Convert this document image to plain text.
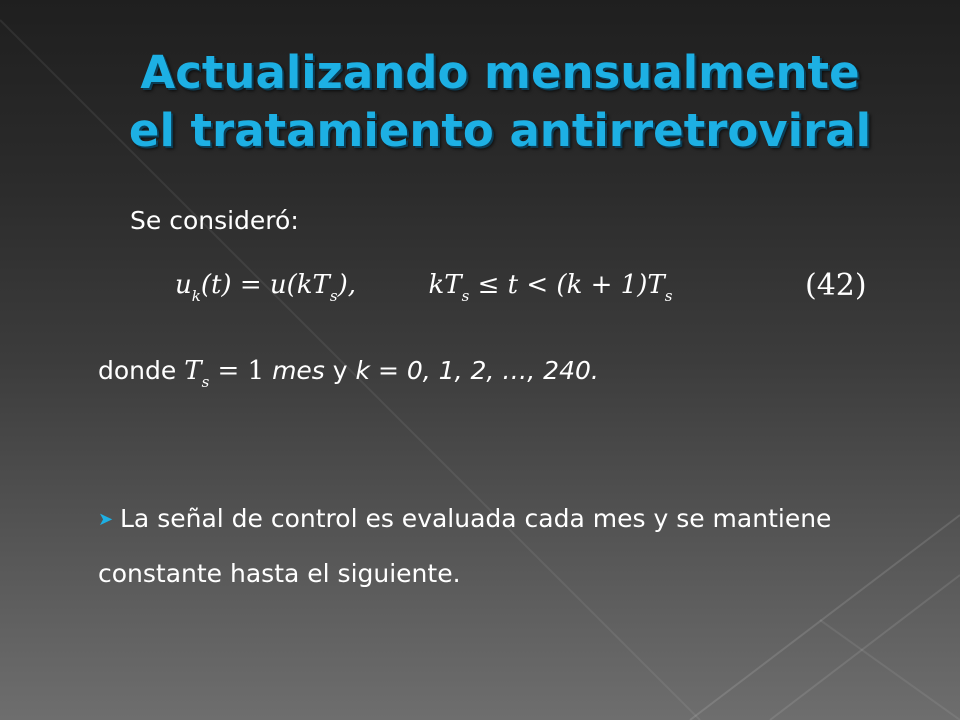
Actualizando mensualmente
el tratamiento antirretroviral
Se consideró:
$u_k(t) = u(kT_s)$,	$kT_s \le t < (k + 1)T_s$	(42)
donde $T_s = 1$ mes y k = 0, 1, 2, …, 240.
➤ La señal de control es evaluada cada mes y se mantiene constante hasta el siguiente.
